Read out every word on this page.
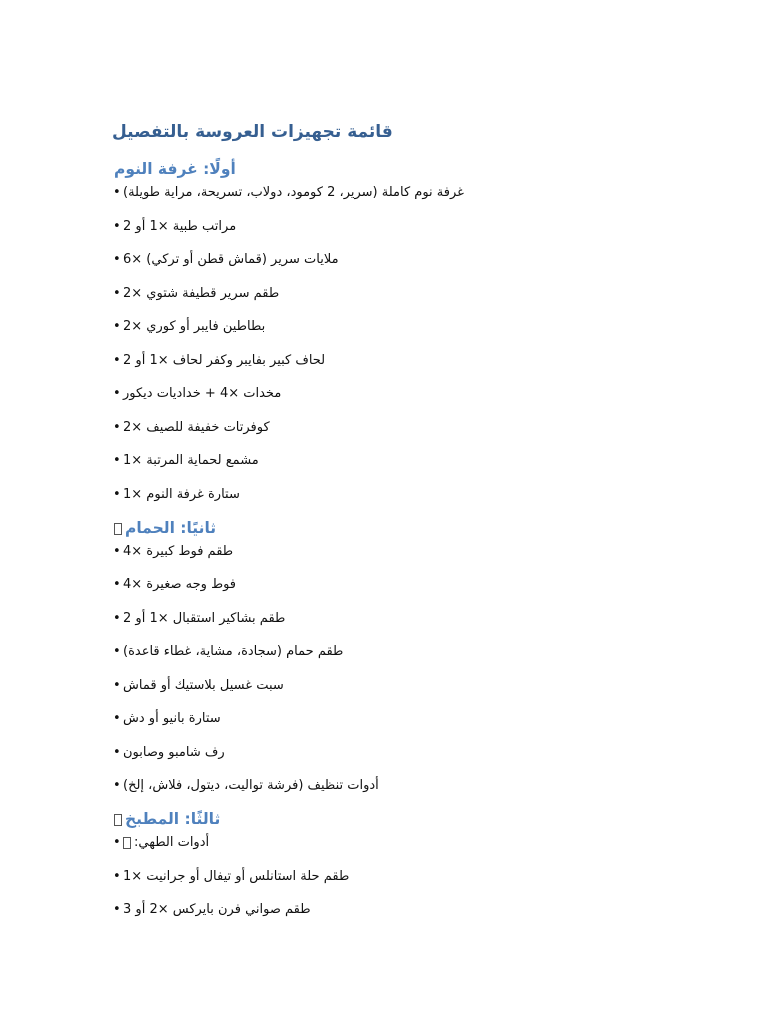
قائمة تجهيزات العروسة بالتفصيل
أولًا: غرفة النوم
• غرفة نوم كاملة (سرير، 2 كومود، دولاب، تسريحة، مراية طويلة)
• مراتب طبية ×1 أو 2
• ملايات سرير (قماش قطن أو تركي) ×6
• طقم سرير قطيفة شتوي ×2
• بطاطين فايبر أو كوري ×2
• لحاف كبير بفايبر وكفر لحاف ×1 أو 2
• مخدات ×4 + خداديات ديكور
• كوفرتات خفيفة للصيف ×2
• مشمع لحماية المرتبة ×1
• ستارة غرفة النوم ×1
ثانيًا: الحمام
• طقم فوط كبيرة ×4
• فوط وجه صغيرة ×4
• طقم بشاكير استقبال ×1 أو 2
• طقم حمام (سجادة، مشاية، غطاء قاعدة)
• سبت غسيل بلاستيك أو قماش
• ستارة بانيو أو دش
• رف شامبو وصابون
• أدوات تنظيف (فرشة تواليت، ديتول، فلاش، إلخ)
ثالثًا: المطبخ
• أدوات الطهي:
• طقم حلة استانلس أو تيفال أو جرانيت ×1
• طقم صواني فرن بايركس ×2 أو 3
